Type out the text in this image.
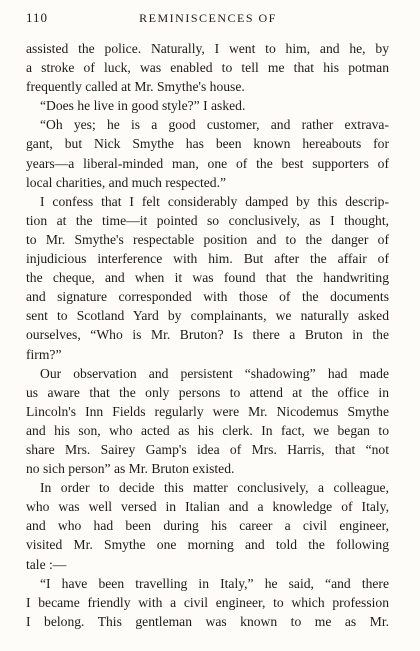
110	REMINISCENCES OF
assisted the police. Naturally, I went to him, and he, by
a stroke of luck, was enabled to tell me that his potman
frequently called at Mr. Smythe's house.
“Does he live in good style?” I asked.
“Oh yes; he is a good customer, and rather extrava-
gant, but Nick Smythe has been known hereabouts for
years—a liberal-minded man, one of the best supporters of
local charities, and much respected.”
I confess that I felt considerably damped by this descrip-
tion at the time—it pointed so conclusively, as I thought,
to Mr. Smythe's respectable position and to the danger of
injudicious interference with him. But after the affair of
the cheque, and when it was found that the handwriting
and signature corresponded with those of the documents
sent to Scotland Yard by complainants, we naturally asked
ourselves, “Who is Mr. Bruton? Is there a Bruton in the
firm?”
Our observation and persistent “shadowing” had made
us aware that the only persons to attend at the office in
Lincoln's Inn Fields regularly were Mr. Nicodemus Smythe
and his son, who acted as his clerk. In fact, we began to
share Mrs. Sairey Gamp's idea of Mrs. Harris, that “not
no sich person” as Mr. Bruton existed.
In order to decide this matter conclusively, a colleague,
who was well versed in Italian and a knowledge of Italy,
and who had been during his career a civil engineer,
visited Mr. Smythe one morning and told the following
tale :—
“I have been travelling in Italy,” he said, “and there
I became friendly with a civil engineer, to which profession
I belong. This gentleman was known to me as Mr.
